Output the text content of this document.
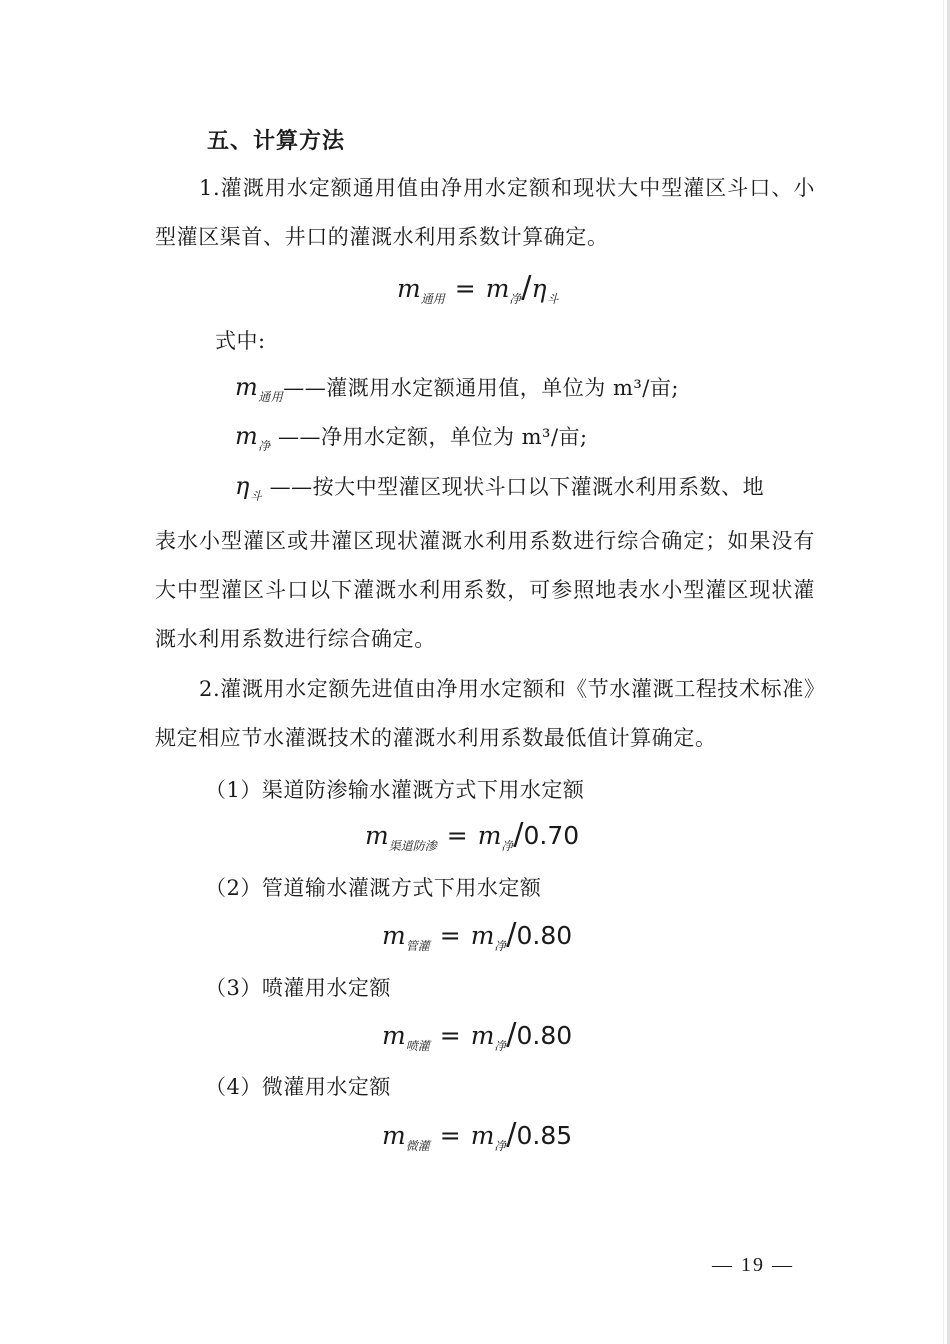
五、计算方法
1.灌溉用水定额通用值由净用水定额和现状大中型灌区斗口、小型灌区渠首、井口的灌溉水利用系数计算确定。
$m_{通用} = m_净/\eta_斗$
式中:
$m_{通用}——$灌溉用水定额通用值，单位为 m³/亩;
$m_净$ ——净用水定额，单位为 m³/亩;
$\eta_斗$ ——按大中型灌区现状斗口以下灌溉水利用系数、地
表水小型灌区或井灌区现状灌溉水利用系数进行综合确定；如果没有大中型灌区斗口以下灌溉水利用系数，可参照地表水小型灌区现状灌溉水利用系数进行综合确定。
2.灌溉用水定额先进值由净用水定额和《节水灌溉工程技术标准》规定相应节水灌溉技术的灌溉水利用系数最低值计算确定。
（1）渠道防渗输水灌溉方式下用水定额
$m_{渠道防渗} = m_净/0.70$
（2）管道输水灌溉方式下用水定额
$m_{管灌} = m_净/0.80$
（3）喷灌用水定额
$m_{喷灌} = m_净/0.80$
（4）微灌用水定额
$m_{微灌} = m_净/0.85$
— 19 —
